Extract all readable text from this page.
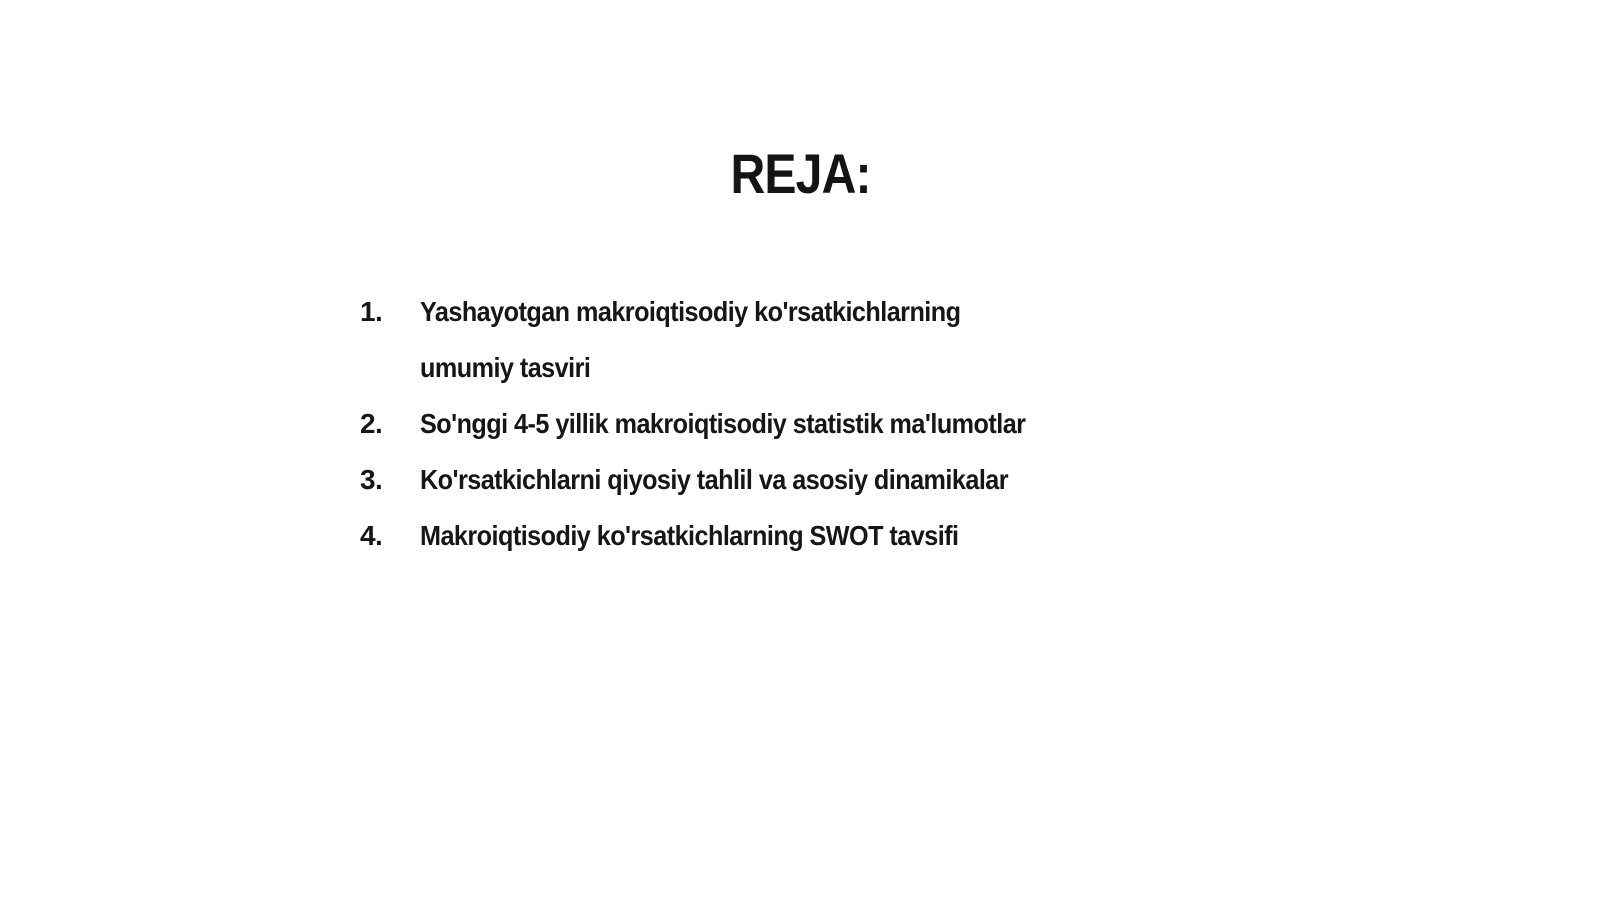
REJA:
1.	Yashayotgan makroiqtisodiy ko'rsatkichlarning umumiy tasviri
2.	So'nggi 4-5 yillik makroiqtisodiy statistik ma'lumotlar
3.	Ko'rsatkichlarni qiyosiy tahlil va asosiy dinamikalar
4.	Makroiqtisodiy ko'rsatkichlarning SWOT tavsifi
